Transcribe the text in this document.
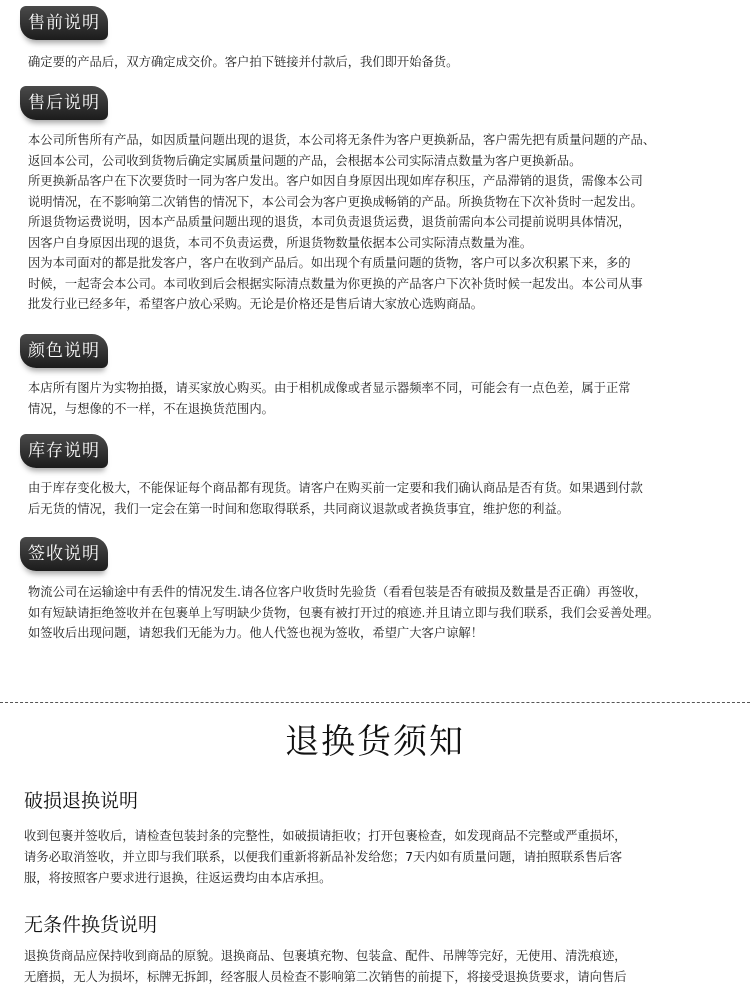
售前说明
确定要的产品后，双方确定成交价。客户拍下链接并付款后，我们即开始备货。
售后说明
本公司所售所有产品，如因质量问题出现的退货，本公司将无条件为客户更换新品，客户需先把有质量问题的产品、
返回本公司，公司收到货物后确定实属质量问题的产品，会根据本公司实际清点数量为客户更换新品。
所更换新品客户在下次要货时一同为客户发出。客户如因自身原因出现如库存积压，产品滞销的退货，需像本公司
说明情况，在不影响第二次销售的情况下，本公司会为客户更换成畅销的产品。所换货物在下次补货时一起发出。
所退货物运费说明，因本产品质量问题出现的退货，本司负责退货运费，退货前需向本公司提前说明具体情况，
因客户自身原因出现的退货，本司不负责运费，所退货物数量依据本公司实际清点数量为准。
因为本司面对的都是批发客户，客户在收到产品后。如出现个有质量问题的货物，客户可以多次积累下来，多的
时候，一起寄会本公司。本司收到后会根据实际清点数量为你更换的产品客户下次补货时候一起发出。本公司从事
批发行业已经多年，希望客户放心采购。无论是价格还是售后请大家放心选购商品。
颜色说明
本店所有图片为实物拍摄，请买家放心购买。由于相机成像或者显示器频率不同，可能会有一点色差，属于正常
情况，与想像的不一样，不在退换货范围内。
库存说明
由于库存变化极大，不能保证每个商品都有现货。请客户在购买前一定要和我们确认商品是否有货。如果遇到付款
后无货的情况，我们一定会在第一时间和您取得联系，共同商议退款或者换货事宜，维护您的利益。
签收说明
物流公司在运输途中有丢件的情况发生.请各位客户收货时先验货（看看包装是否有破损及数量是否正确）再签收，
如有短缺请拒绝签收并在包裹单上写明缺少货物，包裹有被打开过的痕迹.并且请立即与我们联系，我们会妥善处理。
如签收后出现问题，请恕我们无能为力。他人代签也视为签收，希望广大客户谅解！
退换货须知
破损退换说明
收到包裹并签收后，请检查包装封条的完整性，如破损请拒收；打开包裹检查，如发现商品不完整或严重损坏，
请务必取消签收，并立即与我们联系，以便我们重新将新品补发给您；7天内如有质量问题，请拍照联系售后客
服，将按照客户要求进行退换，往返运费均由本店承担。
无条件换货说明
退换货商品应保持收到商品的原貌。退换商品、包裹填充物、包装盒、配件、吊牌等完好，无使用、清洗痕迹，
无磨损，无人为损坏，标牌无拆卸，经客服人员检查不影响第二次销售的前提下，将接受退换货要求，请向售后
